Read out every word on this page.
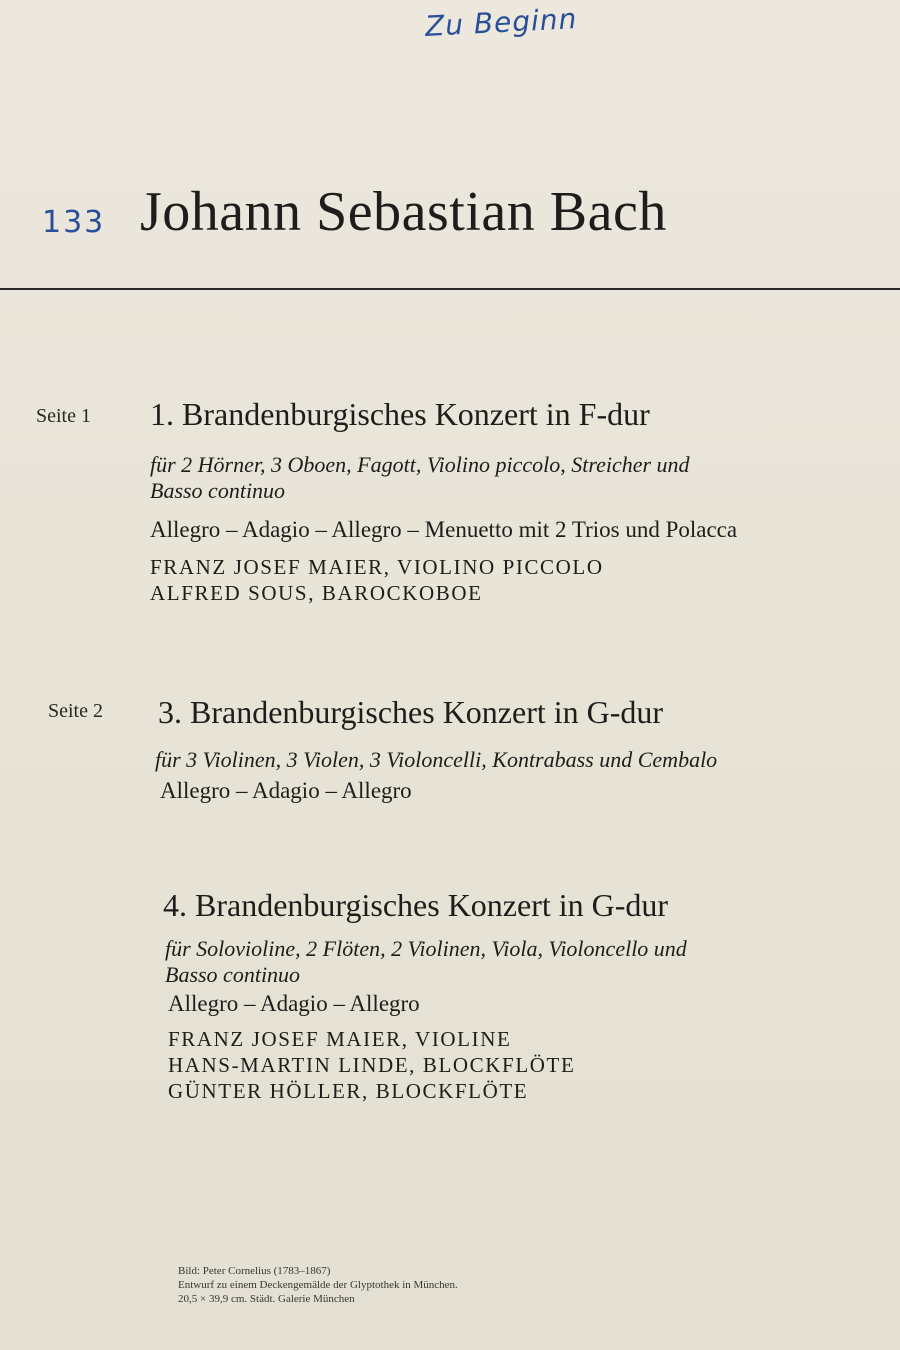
Zu Beginn
133 Johann Sebastian Bach
Seite 1 1. Brandenburgisches Konzert in F-dur
für 2 Hörner, 3 Oboen, Fagott, Violino piccolo, Streicher und
Basso continuo
Allegro – Adagio – Allegro – Menuetto mit 2 Trios und Polacca
FRANZ JOSEF MAIER, VIOLINO PICCOLO
ALFRED SOUS, BAROCKOBOE
Seite 2 3. Brandenburgisches Konzert in G-dur
für 3 Violinen, 3 Violen, 3 Violoncelli, Kontrabass und Cembalo
Allegro – Adagio – Allegro
4. Brandenburgisches Konzert in G-dur
für Solovioline, 2 Flöten, 2 Violinen, Viola, Violoncello und
Basso continuo
Allegro – Adagio – Allegro
FRANZ JOSEF MAIER, VIOLINE
HANS-MARTIN LINDE, BLOCKFLÖTE
GÜNTER HÖLLER, BLOCKFLÖTE
Bild: Peter Cornelius (1783–1867)
Entwurf zu einem Deckengemälde der Glyptothek in München.
20,5 × 39,9 cm. Städt. Galerie München
